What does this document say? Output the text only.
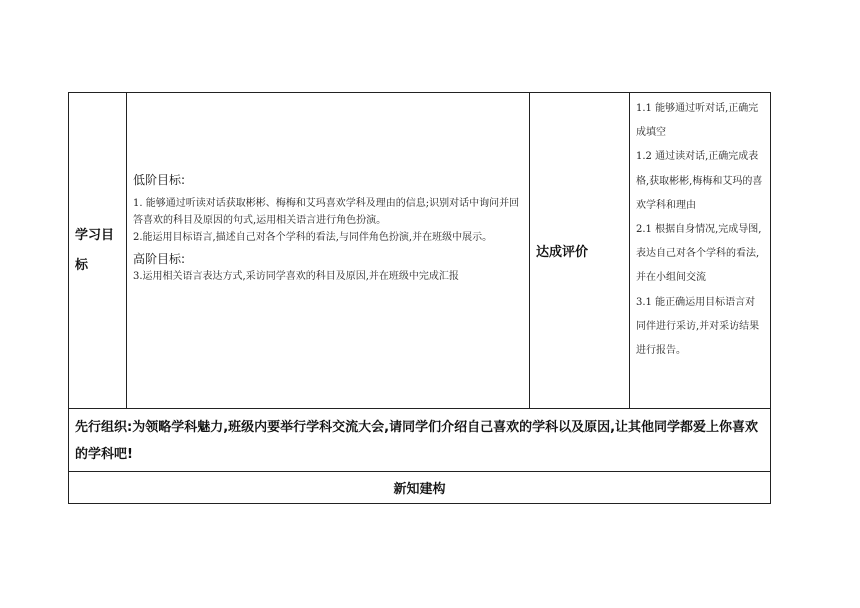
学习目标

低阶目标:

1. 能够通过听读对话获取彬彬、梅梅和艾玛喜欢学科及理由的信息;识别对话中询问并回答喜欢的科目及原因的句式,运用相关语言进行角色扮演。

2.能运用目标语言,描述自己对各个学科的看法,与同伴角色扮演,并在班级中展示。

高阶目标:

3.运用相关语言表达方式,采访同学喜欢的科目及原因,并在班级中完成汇报

达成评价

1.1 能够通过听对话,正确完成填空

1.2 通过读对话,正确完成表格,获取彬彬,梅梅和艾玛的喜欢学科和理由

2.1 根据自身情况,完成导图,表达自己对各个学科的看法,并在小组间交流

3.1 能正确运用目标语言对同伴进行采访,并对采访结果进行报告。

先行组织:为领略学科魅力,班级内要举行学科交流大会,请同学们介绍自己喜欢的学科以及原因,让其他同学都爱上你喜欢的学科吧!

新知建构
